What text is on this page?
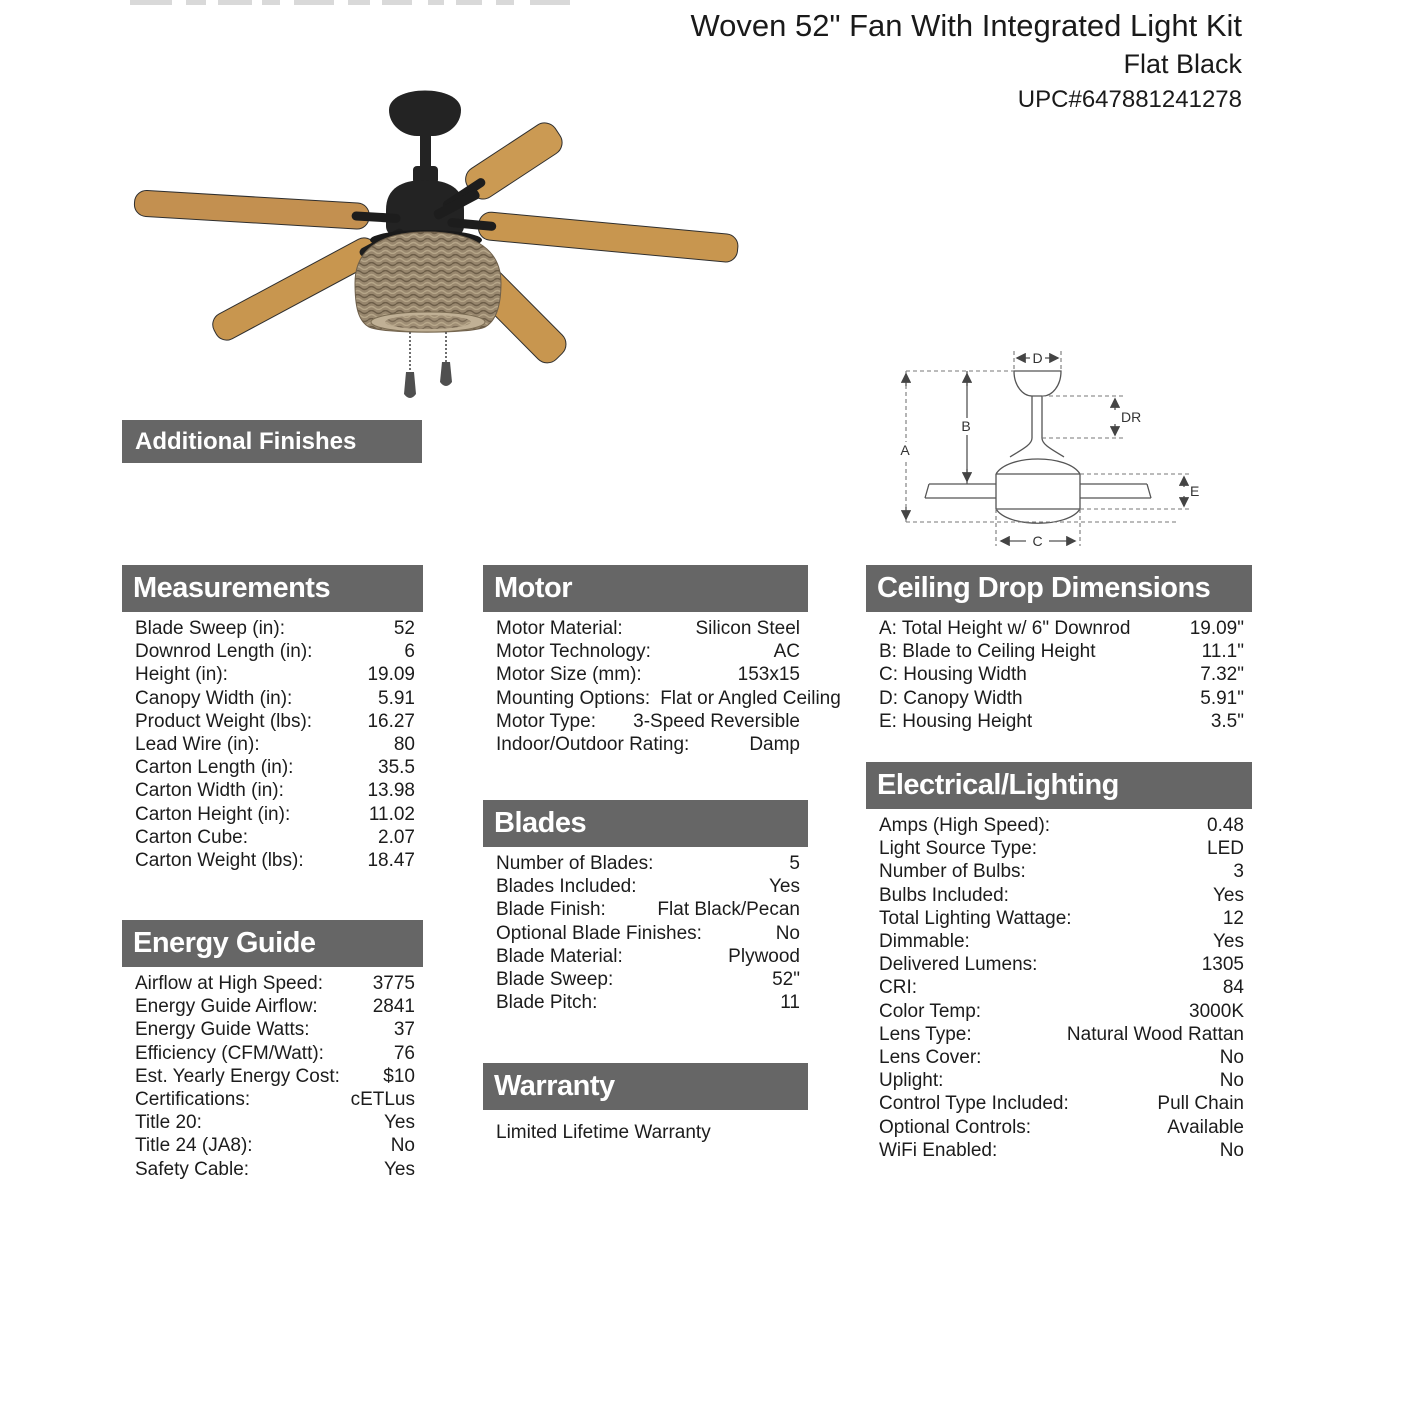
Woven 52" Fan With Integrated Light Kit
Flat Black
UPC#647881241278
Additional Finishes
D
A
B
DR
E
C
Measurements
Blade Sweep (in):	52
Downrod Length (in):	6
Height (in):	19.09
Canopy Width (in):	5.91
Product Weight (lbs):	16.27
Lead Wire (in):	80
Carton Length (in):	35.5
Carton Width (in):	13.98
Carton Height (in):	11.02
Carton Cube:	2.07
Carton Weight (lbs):	18.47
Energy Guide
Airflow at High Speed:	3775
Energy Guide Airflow:	2841
Energy Guide Watts:	37
Efficiency (CFM/Watt):	76
Est. Yearly Energy Cost: $10
Certifications:	cETLus
Title 20:	Yes
Title 24 (JA8):	No
Safety Cable:	Yes
Motor
Motor Material:	Silicon Steel
Motor Technology:	AC
Motor Size (mm):	153x15
Mounting Options: Flat or Angled Ceiling
Motor Type: 3-Speed Reversible
Indoor/Outdoor Rating:	Damp
Blades
Number of Blades:	5
Blades Included:	Yes
Blade Finish:	Flat Black/Pecan
Optional Blade Finishes:	No
Blade Material:	Plywood
Blade Sweep:	52"
Blade Pitch:	11
Warranty
Limited Lifetime Warranty
Ceiling Drop Dimensions
A: Total Height w/ 6" Downrod	19.09"
B: Blade to Ceiling Height	11.1"
C: Housing Width	7.32"
D: Canopy Width	5.91"
E: Housing Height	3.5"
Electrical/Lighting
Amps (High Speed):	0.48
Light Source Type:	LED
Number of Bulbs:	3
Bulbs Included:	Yes
Total Lighting Wattage:	12
Dimmable:	Yes
Delivered Lumens:	1305
CRI:	84
Color Temp:	3000K
Lens Type:	Natural Wood Rattan
Lens Cover:	No
Uplight:	No
Control Type Included:	Pull Chain
Optional Controls:	Available
WiFi Enabled:	No
